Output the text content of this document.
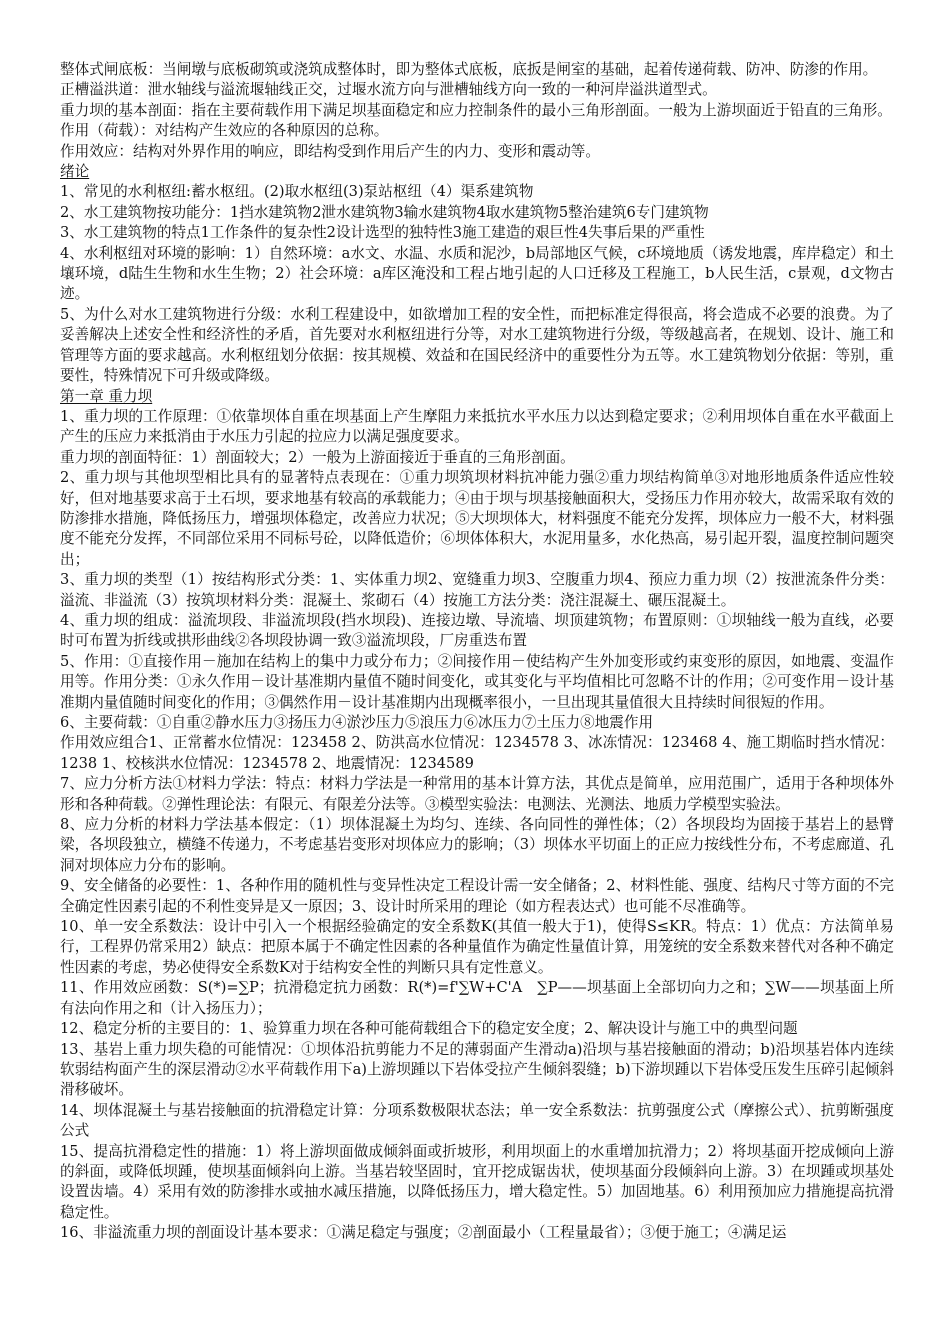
整体式闸底板：当闸墩与底板砌筑或浇筑成整体时，即为整体式底板，底扳是闸室的基础，起着传递荷载、防冲、防渗的作用。

正槽溢洪道：泄水轴线与溢流堰轴线正交，过堰水流方向与泄槽轴线方向一致的一种河岸溢洪道型式。

重力坝的基本剖面：指在主要荷载作用下满足坝基面稳定和应力控制条件的最小三角形剖面。一般为上游坝面近于铅直的三角形。

作用（荷载）：对结构产生效应的各种原因的总称。

作用效应：结构对外界作用的响应，即结构受到作用后产生的内力、变形和震动等。

绪论

1、常见的水利枢纽:蓄水枢纽。(2)取水枢纽(3)泵站枢纽（4）渠系建筑物

2、水工建筑物按功能分：1挡水建筑物2泄水建筑物3输水建筑物4取水建筑物5整治建筑6专门建筑物

3、水工建筑物的特点1工作条件的复杂性2设计选型的独特性3施工建造的艰巨性4失事后果的严重性

4、水利枢纽对环境的影响：1）自然环境：a水文、水温、水质和泥沙，b局部地区气候，c环境地质（诱发地震，库岸稳定）和土壤环境，d陆生生物和水生生物；2）社会环境：a库区淹没和工程占地引起的人口迁移及工程施工，b人民生活，c景观，d文物古迹。

5、为什么对水工建筑物进行分级：水利工程建设中，如欲增加工程的安全性，而把标准定得很高，将会造成不必要的浪费。为了妥善解决上述安全性和经济性的矛盾，首先要对水利枢纽进行分等，对水工建筑物进行分级，等级越高者，在规划、设计、施工和管理等方面的要求越高。水利枢纽划分依据：按其规模、效益和在国民经济中的重要性分为五等。水工建筑物划分依据：等别，重要性，特殊情况下可升级或降级。

第一章 重力坝

1、重力坝的工作原理：①依靠坝体自重在坝基面上产生摩阻力来抵抗水平水压力以达到稳定要求；②利用坝体自重在水平截面上产生的压应力来抵消由于水压力引起的拉应力以满足强度要求。

重力坝的剖面特征：1）剖面较大；2）一般为上游面接近于垂直的三角形剖面。

2、重力坝与其他坝型相比具有的显著特点表现在：①重力坝筑坝材料抗冲能力强②重力坝结构简单③对地形地质条件适应性较好，但对地基要求高于土石坝，要求地基有较高的承载能力；④由于坝与坝基接触面积大，受扬压力作用亦较大，故需采取有效的防渗排水措施，降低扬压力，增强坝体稳定，改善应力状况；⑤大坝坝体大，材料强度不能充分发挥，坝体应力一般不大，材料强度不能充分发挥，不同部位采用不同标号砼，以降低造价；⑥坝体体积大，水泥用量多，水化热高，易引起开裂，温度控制问题突出；

3、重力坝的类型（1）按结构形式分类：1、实体重力坝2、宽缝重力坝3、空腹重力坝4、预应力重力坝（2）按泄流条件分类：溢流、非溢流（3）按筑坝材料分类：混凝土、浆砌石（4）按施工方法分类：浇注混凝土、碾压混凝土。

4、重力坝的组成：溢流坝段、非溢流坝段(挡水坝段)、连接边墩、导流墙、坝顶建筑物；布置原则：①坝轴线一般为直线，必要时可布置为折线或拱形曲线②各坝段协调一致③溢流坝段，厂房重迭布置

5、作用：①直接作用－施加在结构上的集中力或分布力；②间接作用－使结构产生外加变形或约束变形的原因，如地震、变温作用等。作用分类：①永久作用－设计基准期内量值不随时间变化，或其变化与平均值相比可忽略不计的作用；②可变作用－设计基准期内量值随时间变化的作用；③偶然作用－设计基准期内出现概率很小，一旦出现其量值很大且持续时间很短的作用。

6、主要荷载：①自重②静水压力③扬压力④淤沙压力⑤浪压力⑥冰压力⑦土压力⑧地震作用

作用效应组合1、正常蓄水位情况：123458 2、防洪高水位情况：1234578 3、冰冻情况：123468 4、施工期临时挡水情况：1238 1、校核洪水位情况：1234578 2、地震情况：1234589

7、应力分析方法①材料力学法：特点：材料力学法是一种常用的基本计算方法，其优点是简单，应用范围广，适用于各种坝体外形和各种荷载。②弹性理论法：有限元、有限差分法等。③模型实验法：电测法、光测法、地质力学模型实验法。

8、应力分析的材料力学法基本假定：（1）坝体混凝土为均匀、连续、各向同性的弹性体；（2）各坝段均为固接于基岩上的悬臂梁，各坝段独立，横缝不传递力，不考虑基岩变形对坝体应力的影响；（3）坝体水平切面上的正应力按线性分布，不考虑廊道、孔洞对坝体应力分布的影响。

9、安全储备的必要性：1、各种作用的随机性与变异性决定工程设计需一安全储备；2、材料性能、强度、结构尺寸等方面的不完全确定性因素引起的不利性变异是又一原因；3、设计时所采用的理论（如方程表达式）也可能不尽准确等。

10、单一安全系数法：设计中引入一个根据经验确定的安全系数K(其值一般大于1)，使得S≤KR。特点：1）优点：方法简单易行，工程界仍常采用2）缺点：把原本属于不确定性因素的各种量值作为确定性量值计算，用笼统的安全系数来替代对各种不确定性因素的考虑，势必使得安全系数K对于结构安全性的判断只具有定性意义。

11、作用效应函数：S(*)=∑P；抗滑稳定抗力函数：R(*)=f'∑W+C'A　∑P——坝基面上全部切向力之和；∑W——坝基面上所有法向作用之和（计入扬压力）；

12、稳定分析的主要目的：1、验算重力坝在各种可能荷载组合下的稳定安全度；2、解决设计与施工中的典型问题

13、基岩上重力坝失稳的可能情况：①坝体沿抗剪能力不足的薄弱面产生滑动a)沿坝与基岩接触面的滑动；b)沿坝基岩体内连续软弱结构面产生的深层滑动②水平荷载作用下a)上游坝踵以下岩体受拉产生倾斜裂缝；b)下游坝踵以下岩体受压发生压碎引起倾斜滑移破坏。

14、坝体混凝土与基岩接触面的抗滑稳定计算：分项系数极限状态法；单一安全系数法：抗剪强度公式（摩擦公式）、抗剪断强度公式

15、提高抗滑稳定性的措施：1）将上游坝面做成倾斜面或折坡形，利用坝面上的水重增加抗滑力；2）将坝基面开挖成倾向上游的斜面，或降低坝踵，使坝基面倾斜向上游。当基岩较坚固时，宜开挖成锯齿状，使坝基面分段倾斜向上游。3）在坝踵或坝基处设置齿墙。4）采用有效的防渗排水或抽水减压措施，以降低扬压力，增大稳定性。5）加固地基。6）利用预加应力措施提高抗滑稳定性。

16、非溢流重力坝的剖面设计基本要求：①满足稳定与强度；②剖面最小（工程量最省）；③便于施工；④满足运
